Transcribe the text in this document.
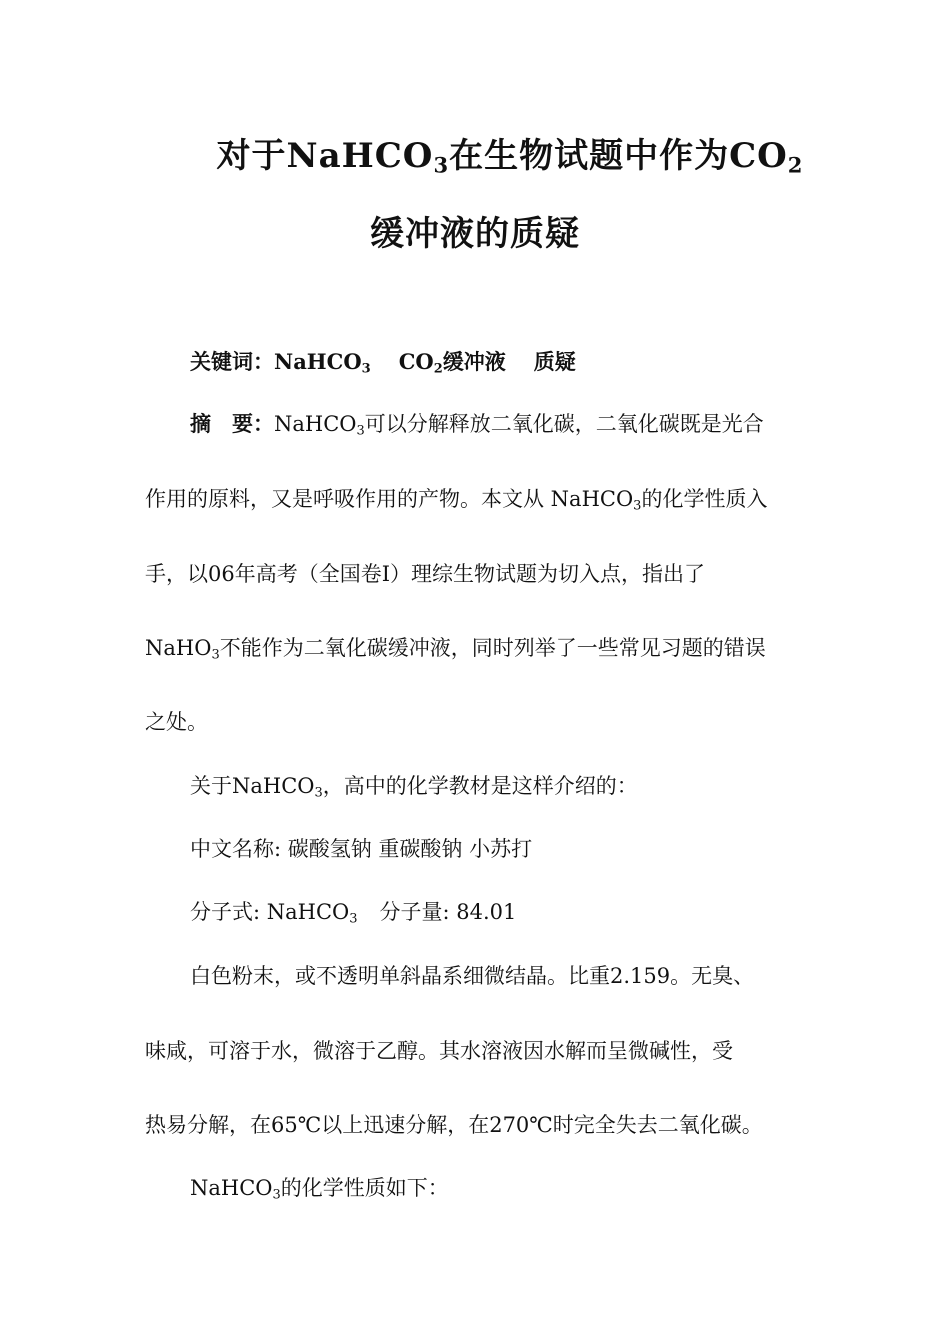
对于NaHCO$_3$在生物试题中作为$CO_2$
缓冲液的质疑
关键词：NaHCO$_3$ $CO_2$缓冲液 质疑
摘　要：NaHCO$_3$可以分解释放二氧化碳，二氧化碳既是光合
作用的原料，又是呼吸作用的产物。本文从 NaHCO$_3$的化学性质入
手，以06年高考（全国卷Ⅰ）理综生物试题为切入点，指出了
NaHO$_3$不能作为二氧化碳缓冲液，同时列举了一些常见习题的错误
之处。
关于NaHCO$_3$，高中的化学教材是这样介绍的：
中文名称: 碳酸氢钠 重碳酸钠 小苏打
分子式: NaHCO$_3$ 分子量: 84.01
白色粉末，或不透明单斜晶系细微结晶。比重2.159。无臭、
味咸，可溶于水，微溶于乙醇。其水溶液因水解而呈微碱性，受
热易分解，在65℃以上迅速分解，在270℃时完全失去二氧化碳。
NaHCO$_3$的化学性质如下：
